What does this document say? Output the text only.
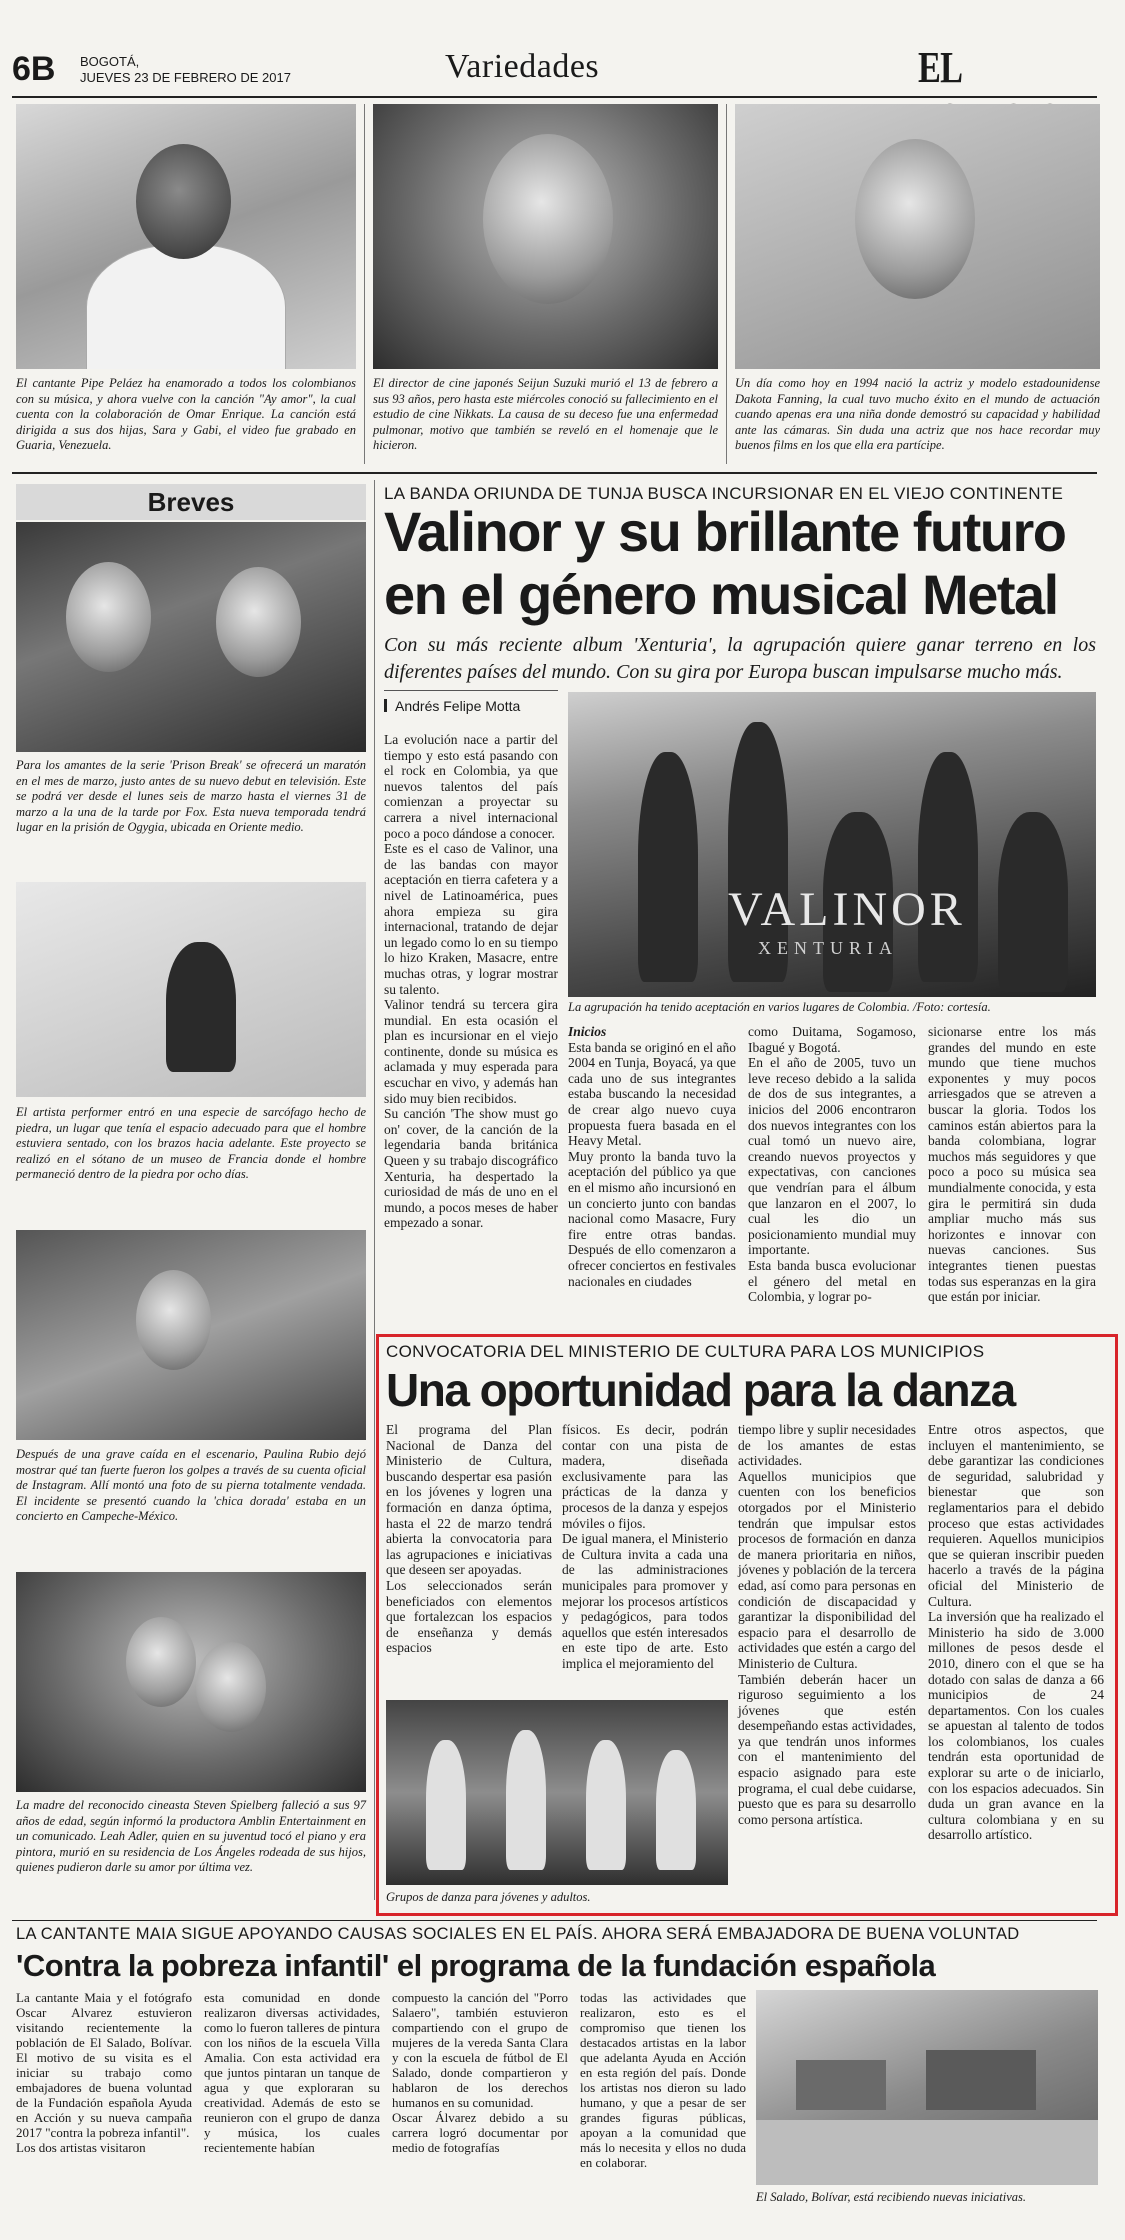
6B BOGOTÁ,
JUEVES 23 DE FEBRERO DE 2017	Variedades	EL
El cantante Pipe Peláez ha enamorado a todos los colombianos con su música, y ahora vuelve con la canción "Ay amor", la cual cuenta con la colaboración de Omar Enrique. La canción está dirigida a sus dos hijas, Sara y Gabi, el video fue grabado en Guaria, Venezuela.
El director de cine japonés Seijun Suzuki murió el 13 de febrero a sus 93 años, pero hasta este miércoles conoció su fallecimiento en el estudio de cine Nikkats. La causa de su deceso fue una enfermedad pulmonar, motivo que también se reveló en el homenaje que le hicieron.
Un día como hoy en 1994 nació la actriz y modelo estadounidense Dakota Fanning, la cual tuvo mucho éxito en el mundo de actuación cuando apenas era una niña donde demostró su capacidad y habilidad ante las cámaras. Sin duda una actriz que nos hace recordar muy buenos films en los que ella era partícipe.
Breves
Para los amantes de la serie 'Prison Break' se ofrecerá un maratón en el mes de marzo, justo antes de su nuevo debut en televisión. Este se podrá ver desde el lunes seis de marzo hasta el viernes 31 de marzo a la una de la tarde por Fox. Esta nueva temporada tendrá lugar en la prisión de Ogygia, ubicada en Oriente medio.
El artista performer entró en una especie de sarcófago hecho de piedra, un lugar que tenía el espacio adecuado para que el hombre estuviera sentado, con los brazos hacia adelante. Este proyecto se realizó en el sótano de un museo de Francia donde el hombre permaneció dentro de la piedra por ocho días.
Después de una grave caída en el escenario, Paulina Rubio dejó mostrar qué tan fuerte fueron los golpes a través de su cuenta oficial de Instagram. Allí montó una foto de su pierna totalmente vendada. El incidente se presentó cuando la 'chica dorada' estaba en un concierto en Campeche-México.
La madre del reconocido cineasta Steven Spielberg falleció a sus 97 años de edad, según informó la productora Amblin Entertainment en un comunicado. Leah Adler, quien en su juventud tocó el piano y era pintora, murió en su residencia de Los Ángeles rodeada de sus hijos, quienes pudieron darle su amor por última vez.
LA BANDA ORIUNDA DE TUNJA BUSCA INCURSIONAR EN EL VIEJO CONTINENTE
Valinor y su brillante futuro
en el género musical Metal
Con su más reciente album 'Xenturia', la agrupación quiere ganar terreno en los diferentes países del mundo. Con su gira por Europa buscan impulsarse mucho más.
Andrés Felipe Motta
La evolución nace a partir del tiempo y esto está pasando con el rock en Colombia, ya que nuevos talentos del país comienzan a proyectar su carrera a nivel internacional poco a poco dándose a conocer.
Este es el caso de Valinor, una de las bandas con mayor aceptación en tierra cafetera y a nivel de Latinoamérica, pues ahora empieza su gira internacional, tratando de dejar un legado como lo en su tiempo lo hizo Kraken, Masacre, entre muchas otras, y lograr mostrar su talento.
Valinor tendrá su tercera gira mundial. En esta ocasión el plan es incursionar en el viejo continente, donde su música es aclamada y muy esperada para escuchar en vivo, y además han sido muy bien recibidos.
Su canción 'The show must go on' cover, de la canción de la legendaria banda británica Queen y su trabajo discográfico Xenturia, ha despertado la curiosidad de más de uno en el mundo, a pocos meses de haber empezado a sonar.
VALINOR
XENTURIA
La agrupación ha tenido aceptación en varios lugares de Colombia. /Foto: cortesía.
Inicios
Esta banda se originó en el año 2004 en Tunja, Boyacá, ya que cada uno de sus integrantes estaba buscando la necesidad de crear algo nuevo cuya propuesta fuera basada en el Heavy Metal.
Muy pronto la banda tuvo la aceptación del público ya que en el mismo año incursionó en un concierto junto con bandas nacional como Masacre, Fury fire entre otras bandas. Después de ello comenzaron a ofrecer conciertos en festivales nacionales en ciudades
como Duitama, Sogamoso, Ibagué y Bogotá.
En el año de 2005, tuvo un leve receso debido a la salida de dos de sus integrantes, a inicios del 2006 encontraron dos nuevos integrantes con los cual tomó un nuevo aire, creando nuevos proyectos y expectativas, con canciones que vendrían para el álbum que lanzaron en el 2007, lo cual les dio un posicionamiento mundial muy importante.
Esta banda busca evolucionar el género del metal en Colombia, y lograr po-
sicionarse entre los más grandes del mundo en este mundo que tiene muchos exponentes y muy pocos arriesgados que se atreven a buscar la gloria. Todos los caminos están abiertos para la banda colombiana, lograr muchos más seguidores y que poco a poco su música sea mundialmente conocida, y esta gira le permitirá sin duda ampliar mucho más sus horizontes e innovar con nuevas canciones. Sus integrantes tienen puestas todas sus esperanzas en la gira que están por iniciar.
CONVOCATORIA DEL MINISTERIO DE CULTURA PARA LOS MUNICIPIOS
Una oportunidad para la danza
El programa del Plan Nacional de Danza del Ministerio de Cultura, buscando despertar esa pasión en los jóvenes y logren una formación en danza óptima, hasta el 22 de marzo tendrá abierta la convocatoria para las agrupaciones e iniciativas que deseen ser apoyadas.
Los seleccionados serán beneficiados con elementos que fortalezcan los espacios de enseñanza y demás espacios
físicos. Es decir, podrán contar con una pista de madera, diseñada exclusivamente para las prácticas de la danza y procesos de la danza y espejos móviles o fijos.
De igual manera, el Ministerio de Cultura invita a cada una de las administraciones municipales para promover y mejorar los procesos artísticos y pedagógicos, para todos aquellos que estén interesados en este tipo de arte. Esto implica el mejoramiento del
tiempo libre y suplir necesidades de los amantes de estas actividades.
Aquellos municipios que cuenten con los beneficios otorgados por el Ministerio tendrán que impulsar estos procesos de formación en danza de manera prioritaria en niños, jóvenes y población de la tercera edad, así como para personas en condición de discapacidad y garantizar la disponibilidad del espacio para el desarrollo de actividades que estén a cargo del Ministerio de Cultura.
También deberán hacer un riguroso seguimiento a los jóvenes que estén desempeñando estas actividades, ya que tendrán unos informes con el mantenimiento del espacio asignado para este programa, el cual debe cuidarse, puesto que es para su desarrollo como persona artística.
Entre otros aspectos, que incluyen el mantenimiento, se debe garantizar las condiciones de seguridad, salubridad y bienestar que son reglamentarios para el debido proceso que estas actividades requieren. Aquellos municipios que se quieran inscribir pueden hacerlo a través de la página oficial del Ministerio de Cultura.
La inversión que ha realizado el Ministerio ha sido de 3.000 millones de pesos desde el 2010, dinero con el que se ha dotado con salas de danza a 66 municipios de 24 departamentos. Con los cuales se apuestan al talento de todos los colombianos, los cuales tendrán esta oportunidad de explorar su arte o de iniciarlo, con los espacios adecuados. Sin duda un gran avance en la cultura colombiana y en su desarrollo artístico.
Grupos de danza para jóvenes y adultos.
LA CANTANTE MAIA SIGUE APOYANDO CAUSAS SOCIALES EN EL PAÍS. AHORA SERÁ EMBAJADORA DE BUENA VOLUNTAD
'Contra la pobreza infantil' el programa de la fundación española
La cantante Maia y el fotógrafo Oscar Alvarez estuvieron visitando recientemente la población de El Salado, Bolívar. El motivo de su visita es el iniciar su trabajo como embajadores de buena voluntad de la Fundación española Ayuda en Acción y su nueva campaña 2017 "contra la pobreza infantil".
Los dos artistas visitaron
esta comunidad en donde realizaron diversas actividades, como lo fueron talleres de pintura con los niños de la escuela Villa Amalia. Con esta actividad era que juntos pintaran un tanque de agua y que exploraran su creatividad. Además de esto se reunieron con el grupo de danza y música, los cuales recientemente habían
compuesto la canción del "Porro Salaero", también estuvieron compartiendo con el grupo de mujeres de la vereda Santa Clara y con la escuela de fútbol de El Salado, donde compartieron y hablaron de los derechos humanos en su comunidad.
Oscar Álvarez debido a su carrera logró documentar por medio de fotografías
todas las actividades que realizaron, esto es el compromiso que tienen los destacados artistas en la labor que adelanta Ayuda en Acción en esta región del país. Donde los artistas nos dieron su lado humano, y que a pesar de ser grandes figuras públicas, apoyan a la comunidad que más lo necesita y ellos no duda en colaborar.
El Salado, Bolívar, está recibiendo nuevas iniciativas.
